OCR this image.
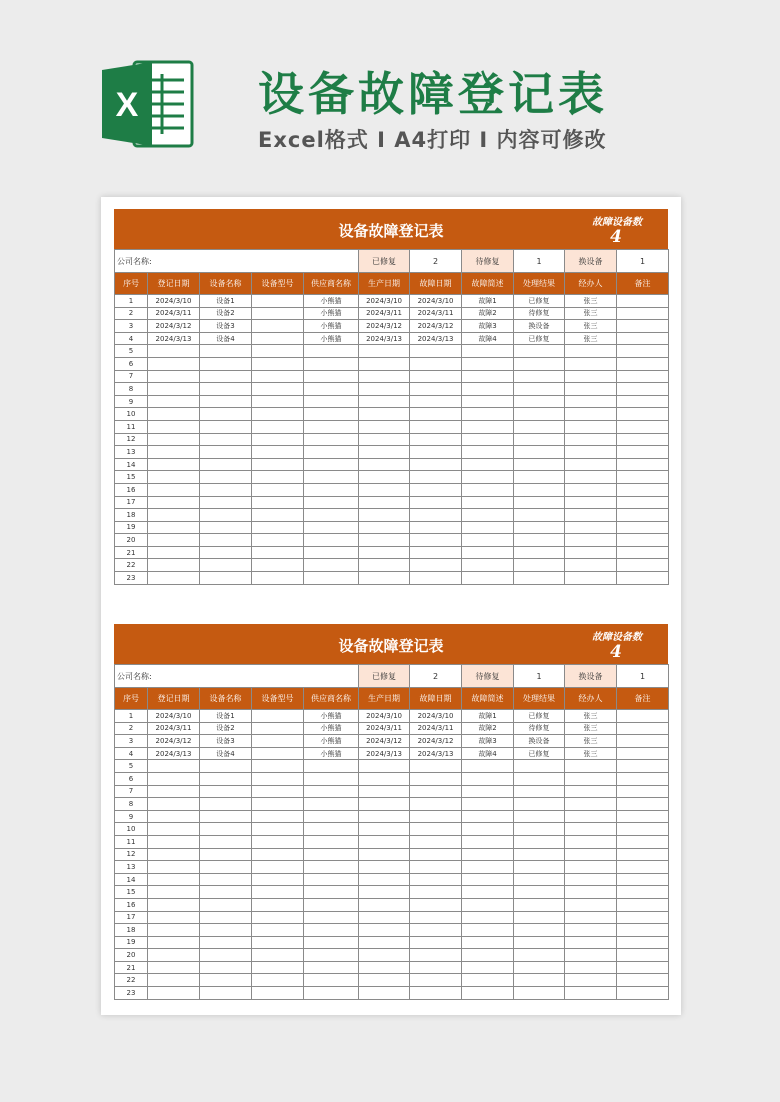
X	设备故障登记表
Excel格式 I A4打印 I 内容可修改
设备故障登记表	故障设备数
4
公司名称:					已修复	2	待修复	1	换设备	1
序号	登记日期	设备名称	设备型号	供应商名称	生产日期	故障日期	故障简述	处理结果	经办人	备注
1	2024/3/10	设备1		小熊猫	2024/3/10	2024/3/10	故障1	已修复	张三	
2	2024/3/11	设备2		小熊猫	2024/3/11	2024/3/11	故障2	待修复	张三	
3	2024/3/12	设备3		小熊猫	2024/3/12	2024/3/12	故障3	换设备	张三	
4	2024/3/13	设备4		小熊猫	2024/3/13	2024/3/13	故障4	已修复	张三	
5										
6										
7										
8										
9										
10										
11										
12										
13										
14										
15										
16										
17										
18										
19										
20										
21										
22										
23										
设备故障登记表	故障设备数
4
公司名称:					已修复	2	待修复	1	换设备	1
序号	登记日期	设备名称	设备型号	供应商名称	生产日期	故障日期	故障简述	处理结果	经办人	备注
1	2024/3/10	设备1		小熊猫	2024/3/10	2024/3/10	故障1	已修复	张三	
2	2024/3/11	设备2		小熊猫	2024/3/11	2024/3/11	故障2	待修复	张三	
3	2024/3/12	设备3		小熊猫	2024/3/12	2024/3/12	故障3	换设备	张三	
4	2024/3/13	设备4		小熊猫	2024/3/13	2024/3/13	故障4	已修复	张三	
5										
6										
7										
8										
9										
10										
11										
12										
13										
14										
15										
16										
17										
18										
19										
20										
21										
22										
23										
